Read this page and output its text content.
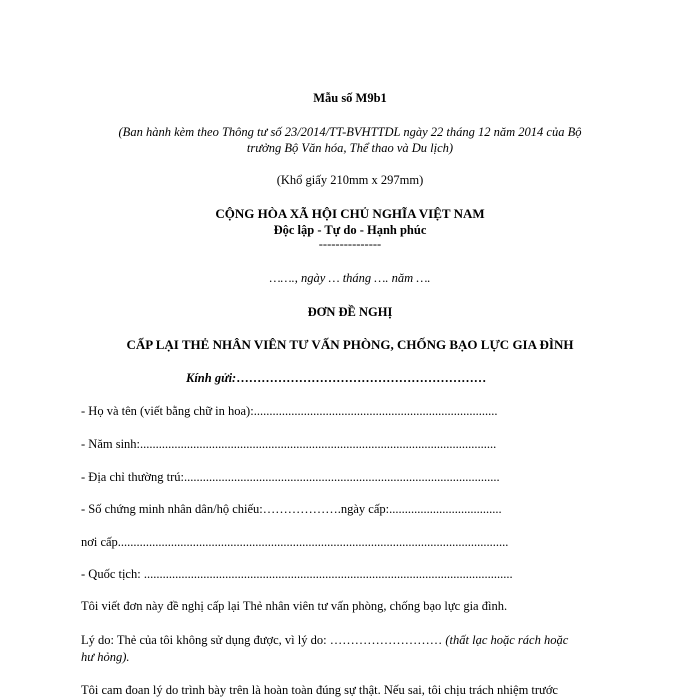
Mẫu số M9b1
(Ban hành kèm theo Thông tư số 23/2014/TT-BVHTTDL ngày 22 tháng 12 năm 2014 của Bộ
trưởng Bộ Văn hóa, Thể thao và Du lịch)
(Khổ giấy 210mm x 297mm)
CỘNG HÒA XÃ HỘI CHỦ NGHĨA VIỆT NAM
Độc lập - Tự do - Hạnh phúc
---------------
……., ngày … tháng …. năm ….
ĐƠN ĐỀ NGHỊ
CẤP LẠI THẺ NHÂN VIÊN TƯ VẤN PHÒNG, CHỐNG BẠO LỰC GIA ĐÌNH
Kính gửi:……………………………………………………
- Họ và tên (viết bằng chữ in hoa):..............................................................................
- Năm sinh:..................................................................................................................
- Địa chỉ thường trú:.....................................................................................................
- Số chứng minh nhân dân/hộ chiếu:……………….ngày cấp:....................................
nơi cấp.............................................................................................................................
- Quốc tịch: ......................................................................................................................
Tôi viết đơn này đề nghị cấp lại Thẻ nhân viên tư vấn phòng, chống bạo lực gia đình.
Lý do: Thẻ của tôi không sử dụng được, vì lý do: ……………………… (thất lạc hoặc rách hoặc
hư hỏng).
Tôi cam đoan lý do trình bày trên là hoàn toàn đúng sự thật. Nếu sai, tôi chịu trách nhiệm trước
